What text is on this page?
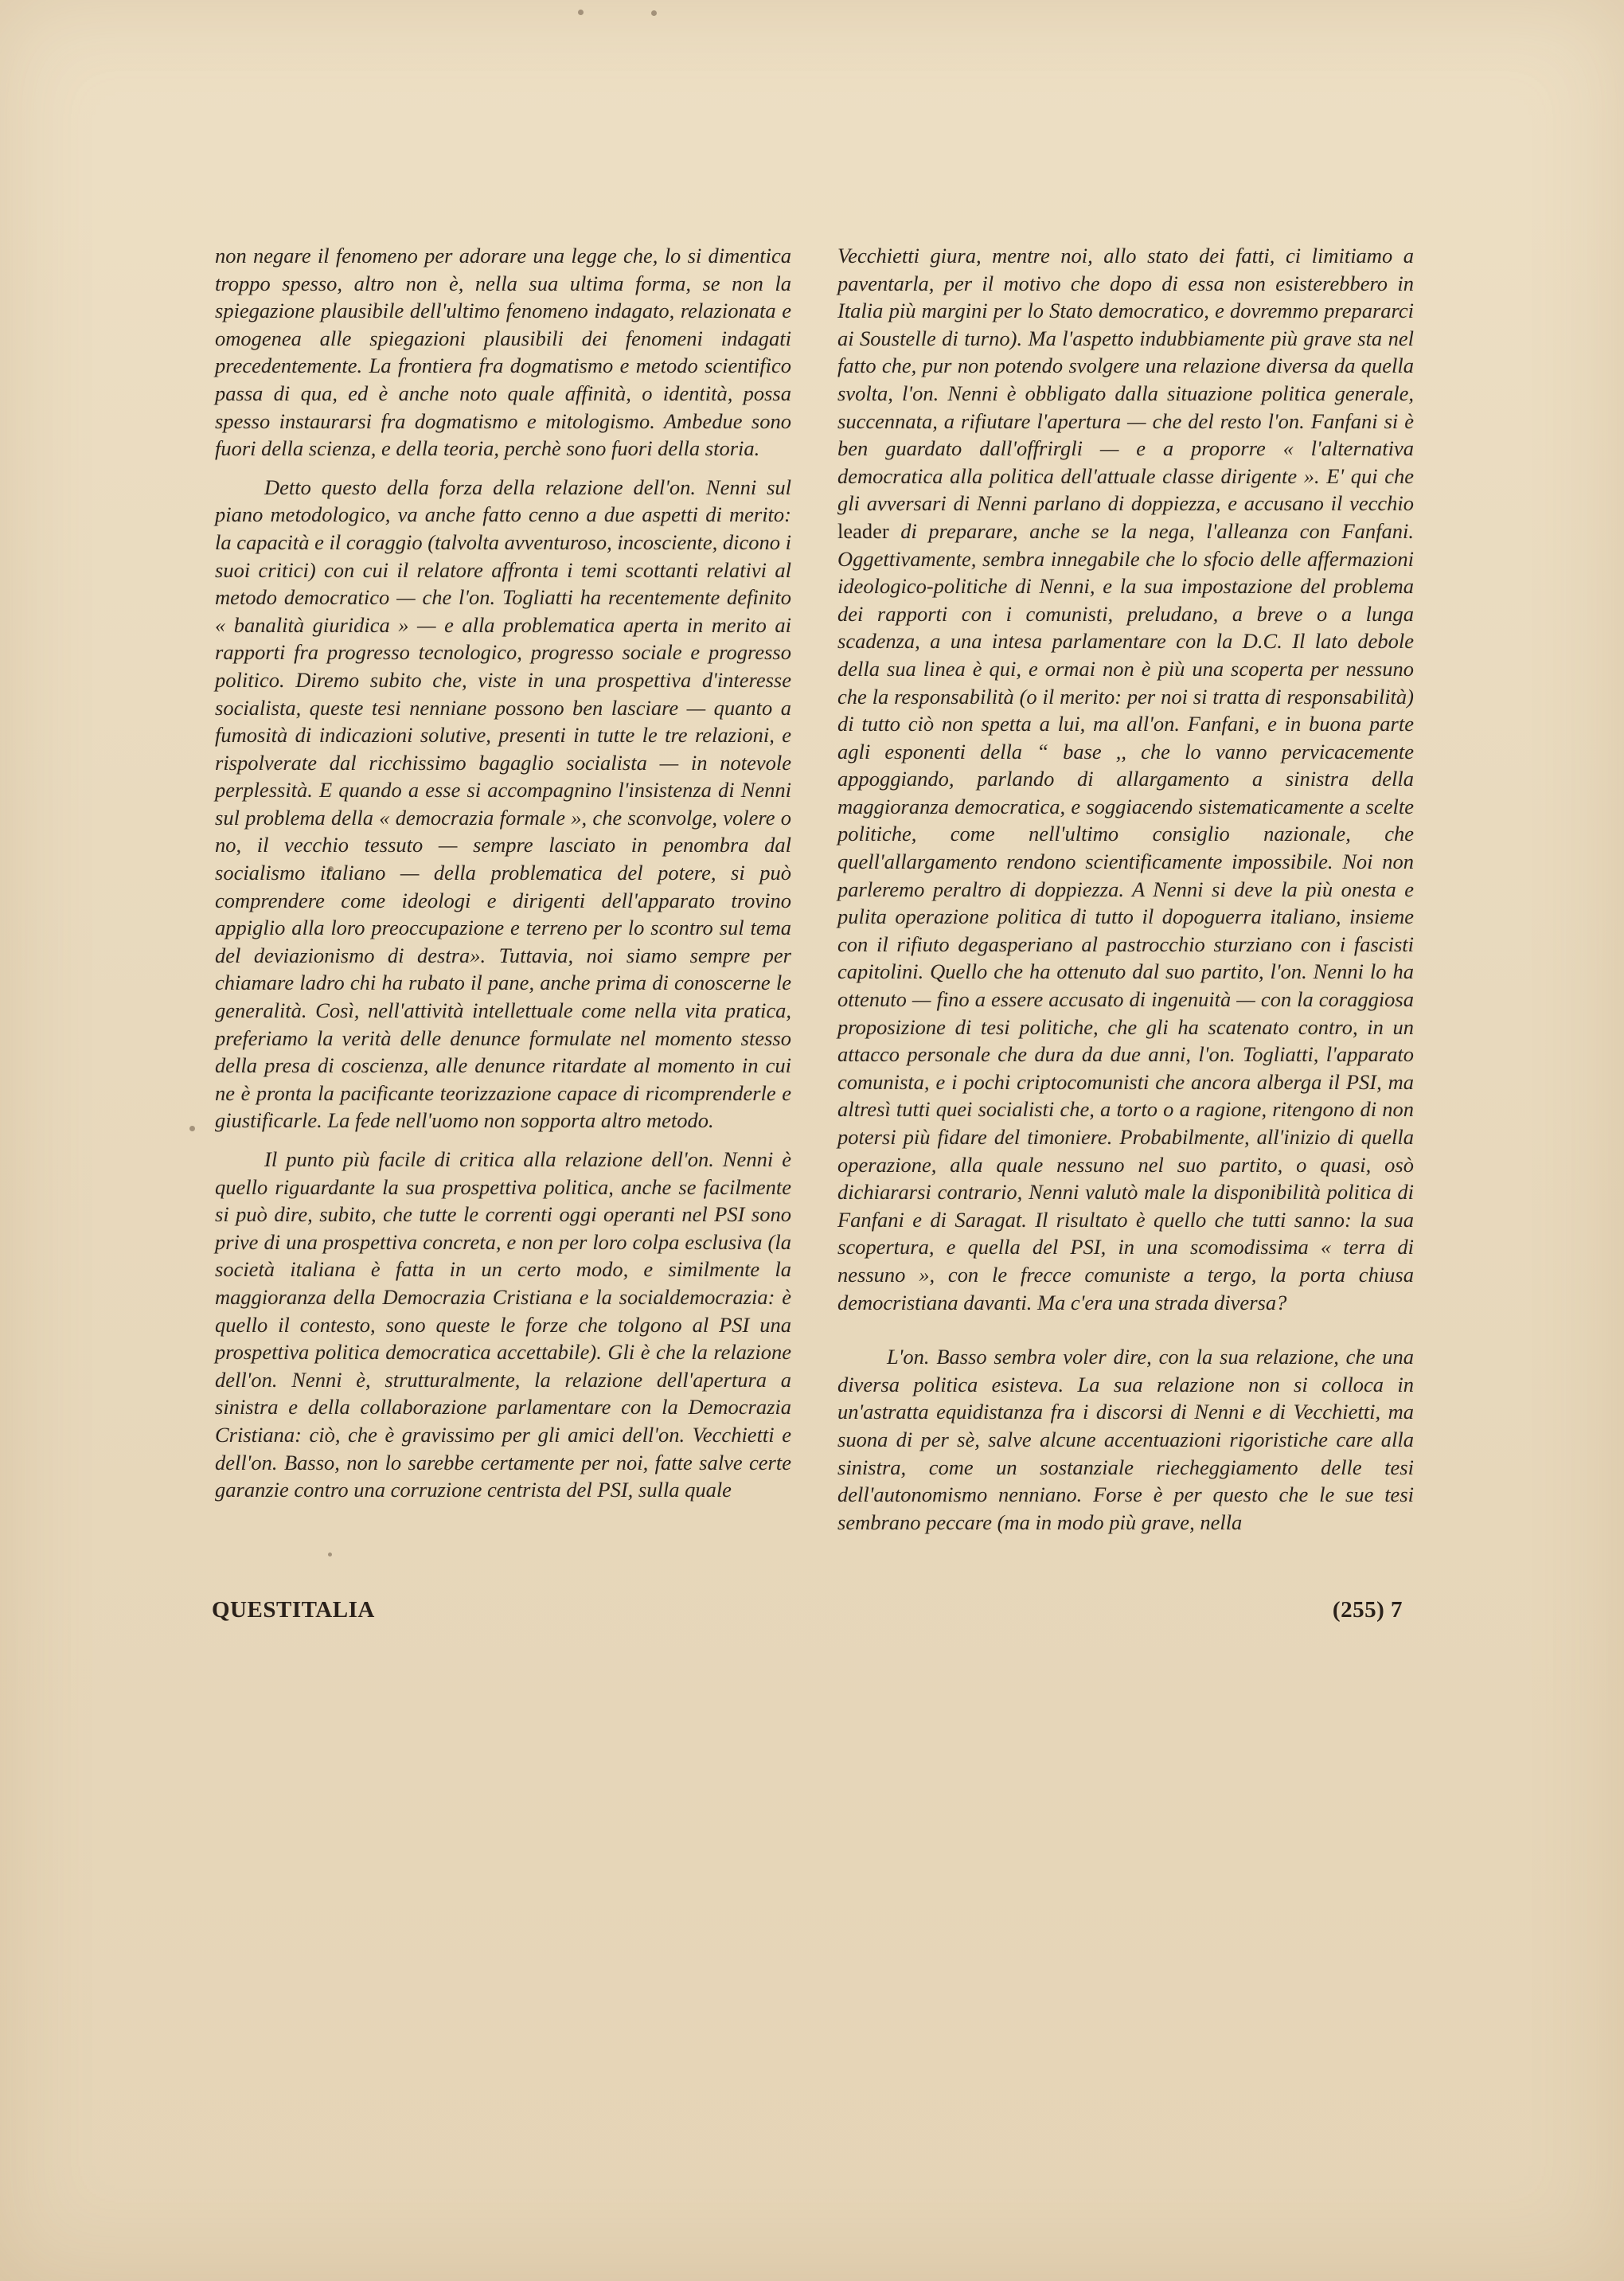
non negare il fenomeno per adorare una legge che, lo si dimentica troppo spesso, altro non è, nella sua ultima forma, se non la spiegazione plausibile dell'ultimo fenomeno indagato, relazionata e omogenea alle spiegazioni plausibili dei fenomeni indagati precedentemente. La frontiera fra dogmatismo e metodo scientifico passa di qua, ed è anche noto quale affinità, o identità, possa spesso instaurarsi fra dogmatismo e mitologismo. Ambedue sono fuori della scienza, e della teoria, perchè sono fuori della storia.

Detto questo della forza della relazione dell'on. Nenni sul piano metodologico, va anche fatto cenno a due aspetti di merito: la capacità e il coraggio (talvolta avventuroso, incosciente, dicono i suoi critici) con cui il relatore affronta i temi scottanti relativi al metodo democratico — che l'on. Togliatti ha recentemente definito « banalità giuridica » — e alla problematica aperta in merito ai rapporti fra progresso tecnologico, progresso sociale e progresso politico. Diremo subito che, viste in una prospettiva d'interesse socialista, queste tesi nenniane possono ben lasciare — quanto a fumosità di indicazioni solutive, presenti in tutte le tre relazioni, e rispolverate dal ricchissimo bagaglio socialista — in notevole perplessità. E quando a esse si accompagnino l'insistenza di Nenni sul problema della « democrazia formale », che sconvolge, volere o no, il vecchio tessuto — sempre lasciato in penombra dal socialismo italiano — della problematica del potere, si può comprendere come ideologi e dirigenti dell'apparato trovino appiglio alla loro preoccupazione e terreno per lo scontro sul tema del deviazionismo di destra». Tuttavia, noi siamo sempre per chiamare ladro chi ha rubato il pane, anche prima di conoscerne le generalità. Così, nell'attività intellettuale come nella vita pratica, preferiamo la verità delle denunce formulate nel momento stesso della presa di coscienza, alle denunce ritardate al momento in cui ne è pronta la pacificante teorizzazione capace di ricomprenderle e giustificarle. La fede nell'uomo non sopporta altro metodo.

Il punto più facile di critica alla relazione dell'on. Nenni è quello riguardante la sua prospettiva politica, anche se facilmente si può dire, subito, che tutte le correnti oggi operanti nel PSI sono prive di una prospettiva concreta, e non per loro colpa esclusiva (la società italiana è fatta in un certo modo, e similmente la maggioranza della Democrazia Cristiana e la socialdemocrazia: è quello il contesto, sono queste le forze che tolgono al PSI una prospettiva politica democratica accettabile). Gli è che la relazione dell'on. Nenni è, strutturalmente, la relazione dell'apertura a sinistra e della collaborazione parlamentare con la Democrazia Cristiana: ciò, che è gravissimo per gli amici dell'on. Vecchietti e dell'on. Basso, non lo sarebbe certamente per noi, fatte salve certe garanzie contro una corruzione centrista del PSI, sulla quale

Vecchietti giura, mentre noi, allo stato dei fatti, ci limitiamo a paventarla, per il motivo che dopo di essa non esisterebbero in Italia più margini per lo Stato democratico, e dovremmo prepararci ai Soustelle di turno). Ma l'aspetto indubbiamente più grave sta nel fatto che, pur non potendo svolgere una relazione diversa da quella svolta, l'on. Nenni è obbligato dalla situazione politica generale, succennata, a rifiutare l'apertura — che del resto l'on. Fanfani si è ben guardato dall'offrirgli — e a proporre « l'alternativa democratica alla politica dell'attuale classe dirigente ». E' qui che gli avversari di Nenni parlano di doppiezza, e accusano il vecchio leader di preparare, anche se la nega, l'alleanza con Fanfani. Oggettivamente, sembra innegabile che lo sfocio delle affermazioni ideologico-politiche di Nenni, e la sua impostazione del problema dei rapporti con i comunisti, preludano, a breve o a lunga scadenza, a una intesa parlamentare con la D.C. Il lato debole della sua linea è qui, e ormai non è più una scoperta per nessuno che la responsabilità (o il merito: per noi si tratta di responsabilità) di tutto ciò non spetta a lui, ma all'on. Fanfani, e in buona parte agli esponenti della “ base ,, che lo vanno pervicacemente appoggiando, parlando di allargamento a sinistra della maggioranza democratica, e soggiacendo sistematicamente a scelte politiche, come nell'ultimo consiglio nazionale, che quell'allargamento rendono scientificamente impossibile. Noi non parleremo peraltro di doppiezza. A Nenni si deve la più onesta e pulita operazione politica di tutto il dopoguerra italiano, insieme con il rifiuto degasperiano al pastrocchio sturziano con i fascisti capitolini. Quello che ha ottenuto dal suo partito, l'on. Nenni lo ha ottenuto — fino a essere accusato di ingenuità — con la coraggiosa proposizione di tesi politiche, che gli ha scatenato contro, in un attacco personale che dura da due anni, l'on. Togliatti, l'apparato comunista, e i pochi criptocomunisti che ancora alberga il PSI, ma altresì tutti quei socialisti che, a torto o a ragione, ritengono di non potersi più fidare del timoniere. Probabilmente, all'inizio di quella operazione, alla quale nessuno nel suo partito, o quasi, osò dichiararsi contrario, Nenni valutò male la disponibilità politica di Fanfani e di Saragat. Il risultato è quello che tutti sanno: la sua scopertura, e quella del PSI, in una scomodissima « terra di nessuno », con le frecce comuniste a tergo, la porta chiusa democristiana davanti. Ma c'era una strada diversa?

L'on. Basso sembra voler dire, con la sua relazione, che una diversa politica esisteva. La sua relazione non si colloca in un'astratta equidistanza fra i discorsi di Nenni e di Vecchietti, ma suona di per sè, salve alcune accentuazioni rigoristiche care alla sinistra, come un sostanziale riecheggiamento delle tesi dell'autonomismo nenniano. Forse è per questo che le sue tesi sembrano peccare (ma in modo più grave, nella

QUESTITALIA	(255) 7
